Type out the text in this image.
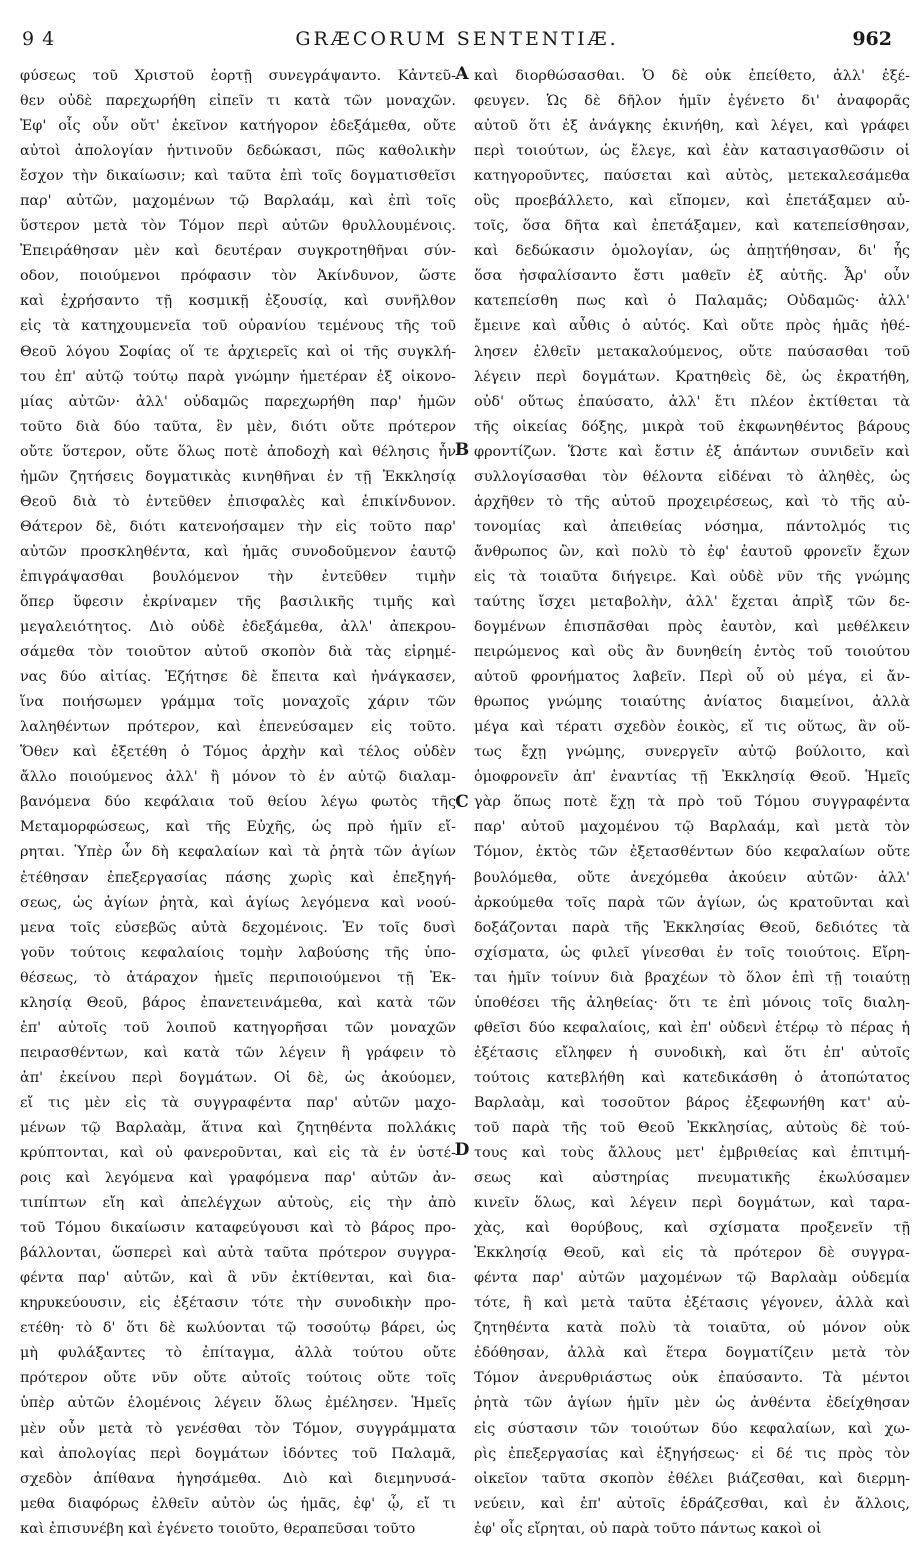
GRÆCORUM SENTENTIÆ.
9 4	962
φύσεως τοῦ Χριστοῦ ἐορτῇ συνεγράψαντο. Κἀντεῦ-
θεν οὐδὲ παρεχωρήθη εἰπεῖν τι κατὰ τῶν μοναχῶν.
Ἐφ' οἷς οὖν οὔτ' ἐκεῖνον κατήγορον ἐδεξάμεθα, οὔτε
αὐτοὶ ἀπολογίαν ἡντινοῦν δεδώκασι, πῶς καθολικὴν
ἔσχον τὴν δικαίωσιν; καὶ ταῦτα ἐπὶ τοῖς δογματισθεῖσι
παρ' αὐτῶν, μαχομένων τῷ Βαρλαάμ, καὶ ἐπὶ τοῖς
ὕστερον μετὰ τὸν Τόμον περὶ αὐτῶν θρυλλουμένοις.
Ἐπειράθησαν μὲν καὶ δευτέραν συγκροτηθῆναι σύν-
οδον, ποιούμενοι πρόφασιν τὸν Ἀκίνδυνον, ὥστε
καὶ ἐχρήσαντο τῇ κοσμικῇ ἐξουσίᾳ, καὶ συνῆλθον
εἰς τὰ κατηχουμενεῖα τοῦ οὐρανίου τεμένους τῆς τοῦ
Θεοῦ λόγου Σοφίας οἵ τε ἀρχιερεῖς καὶ οἱ τῆς συγκλή-
του ἐπ' αὐτῷ τούτῳ παρὰ γνώμην ἡμετέραν ἐξ οἰκονο-
μίας αὐτῶν· ἀλλ' οὐδαμῶς παρεχωρήθη παρ' ἡμῶν
τοῦτο διὰ δύο ταῦτα, ἓν μὲν, διότι οὔτε πρότερον
οὔτε ὕστερον, οὔτε ὅλως ποτὲ ἀποδοχὴ καὶ θέλησις ἦν
ἡμῶν ζητήσεις δογματικὰς κινηθῆναι ἐν τῇ Ἐκκλησίᾳ
Θεοῦ διὰ τὸ ἐντεῦθεν ἐπισφαλὲς καὶ ἐπικίνδυνον.
Θάτερον δὲ, διότι κατενοήσαμεν τὴν εἰς τοῦτο παρ'
αὐτῶν προσκληθέντα, καὶ ἡμᾶς συνοδοῦμενον ἑαυτῷ
ἐπιγράψασθαι βουλόμενον τὴν ἐντεῦθεν τιμὴν
ὅπερ ὕφεσιν ἐκρίναμεν τῆς βασιλικῆς τιμῆς καὶ
μεγαλειότητος. Διὸ οὐδὲ ἐδεξάμεθα, ἀλλ' ἀπεκρου-
σάμεθα τὸν τοιοῦτον αὐτοῦ σκοπὸν διὰ τὰς εἰρημέ-
νας δύο αἰτίας. Ἐζήτησε δὲ ἔπειτα καὶ ἠνάγκασεν,
ἵνα ποιήσωμεν γράμμα τοῖς μοναχοῖς χάριν τῶν
λαληθέντων πρότερον, καὶ ἐπενεύσαμεν εἰς τοῦτο.
Ὅθεν καὶ ἐξετέθη ὁ Τόμος ἀρχὴν καὶ τέλος οὐδὲν
ἄλλο ποιούμενος ἀλλ' ἢ μόνον τὸ ἐν αὐτῷ διαλαμ-
βανόμενα δύο κεφάλαια τοῦ θείου λέγω φωτὸς τῆς
Μεταμορφώσεως, καὶ τῆς Εὐχῆς, ὡς πρὸ ἡμῖν εἴ-
ρηται. Ὑπὲρ ὧν δὴ κεφαλαίων καὶ τὰ ῥητὰ τῶν ἁγίων
ἐτέθησαν ἐπεξεργασίας πάσης χωρὶς καὶ ἐπεξηγή-
σεως, ὡς ἁγίων ῥητὰ, καὶ ἁγίως λεγόμενα καὶ νοού-
μενα τοῖς εὐσεβῶς αὐτὰ δεχομένοις. Ἐν τοῖς δυσὶ
γοῦν τούτοις κεφαλαίοις τομὴν λαβούσης τῆς ὑπο-
θέσεως, τὸ ἀτάραχον ἡμεῖς περιποιούμενοι τῇ Ἐκ-
κλησίᾳ Θεοῦ, βάρος ἐπανετεινάμεθα, καὶ κατὰ τῶν
ἐπ' αὐτοῖς τοῦ λοιποῦ κατηγορῆσαι τῶν μοναχῶν
πειρασθέντων, καὶ κατὰ τῶν λέγειν ἢ γράφειν τὸ
ἀπ' ἐκείνου περὶ δογμάτων. Οἱ δὲ, ὡς ἀκούομεν,
εἴ τις μὲν εἰς τὰ συγγραφέντα παρ' αὐτῶν μαχο-
μένων τῷ Βαρλαὰμ, ἅτινα καὶ ζητηθέντα πολλάκις
κρύπτονται, καὶ οὐ φανεροῦνται, καὶ εἰς τὰ ἐν ὑστέ-
ροις καὶ λεγόμενα καὶ γραφόμενα παρ' αὐτῶν ἀν-
τιπίπτων εἴη καὶ ἀπελέγχων αὐτοὺς, εἰς τὴν ἀπὸ
τοῦ Τόμου δικαίωσιν καταφεύγουσι καὶ τὸ βάρος προ-
βάλλονται, ὥσπερεὶ καὶ αὐτὰ ταῦτα πρότερον συγγρα-
φέντα παρ' αὐτῶν, καὶ ἃ νῦν ἐκτίθενται, καὶ δια-
κηρυκεύουσιν, εἰς ἐξέτασιν τότε τὴν συνοδικὴν προ-
ετέθη· τὸ δ' ὅτι δὲ κωλύονται τῷ τοσούτῳ βάρει, ὡς
μὴ φυλάξαντες τὸ ἐπίταγμα, ἀλλὰ τούτου οὔτε
πρότερον οὔτε νῦν οὔτε αὐτοῖς τούτοις οὔτε τοῖς
ὑπὲρ αὐτῶν ἑλομένοις λέγειν ὅλως ἐμέλησεν. Ἡμεῖς
μὲν οὖν μετὰ τὸ γενέσθαι τὸν Τόμον, συγγράμματα
καὶ ἀπολογίας περὶ δογμάτων ἰδόντες τοῦ Παλαμᾶ,
σχεδὸν ἀπίθανα ἡγησάμεθα. Διὸ καὶ διεμηνυσά-
μεθα διαφόρως ἐλθεῖν αὐτὸν ὡς ἡμᾶς, ἐφ' ᾧ, εἴ τι
καὶ ἐπισυνέβη καὶ ἐγένετο τοιοῦτο, θεραπεῦσαι τοῦτο
καὶ διορθώσασθαι. Ὁ δὲ οὐκ ἐπείθετο, ἀλλ' ἐξέ-
φευγεν. Ὡς δὲ δῆλον ἡμῖν ἐγένετο δι' ἀναφορᾶς
αὐτοῦ ὅτι ἐξ ἀνάγκης ἐκινήθη, καὶ λέγει, καὶ γράφει
περὶ τοιούτων, ὡς ἔλεγε, καὶ ἐὰν κατασιγασθῶσιν οἱ
κατηγοροῦντες, παύσεται καὶ αὐτὸς, μετεκαλεσάμεθα
οὓς προεβάλλετο, καὶ εἴπομεν, καὶ ἐπετάξαμεν αὐ-
τοῖς, ὅσα δῆτα καὶ ἐπετάξαμεν, καὶ κατεπείσθησαν,
καὶ δεδώκασιν ὁμολογίαν, ὡς ἀπῃτήθησαν, δι' ἧς
ὅσα ἠσφαλίσαντο ἔστι μαθεῖν ἐξ αὐτῆς. Ἆρ' οὖν
κατεπείσθη πως καὶ ὁ Παλαμᾶς; Οὐδαμῶς· ἀλλ'
ἔμεινε καὶ αὖθις ὁ αὐτός. Καὶ οὔτε πρὸς ἡμᾶς ἠθέ-
λησεν ἐλθεῖν μετακαλούμενος, οὔτε παύσασθαι τοῦ
λέγειν περὶ δογμάτων. Κρατηθεὶς δὲ, ὡς ἐκρατήθη,
οὐδ' οὕτως ἐπαύσατο, ἀλλ' ἔτι πλέον ἐκτίθεται τὰ
τῆς οἰκείας δόξης, μικρὰ τοῦ ἐκφωνηθέντος βάρους
φροντίζων. Ὥστε καὶ ἔστιν ἐξ ἁπάντων συνιδεῖν καὶ
συλλογίσασθαι τὸν θέλοντα εἰδέναι τὸ ἀληθὲς, ὡς
ἀρχῆθεν τὸ τῆς αὐτοῦ προχειρέσεως, καὶ τὸ τῆς αὐ-
τονομίας καὶ ἀπειθείας νόσημα, πάντολμός τις
ἄνθρωπος ὢν, καὶ πολὺ τὸ ἐφ' ἑαυτοῦ φρονεῖν ἔχων
εἰς τὰ τοιαῦτα διήγειρε. Καὶ οὐδὲ νῦν τῆς γνώμης
ταύτης ἴσχει μεταβολὴν, ἀλλ' ἔχεται ἀπρὶξ τῶν δε-
δογμένων ἐπισπᾶσθαι πρὸς ἑαυτὸν, καὶ μεθέλκειν
πειρώμενος καὶ οὓς ἂν δυνηθείη ἐντὸς τοῦ τοιούτου
αὐτοῦ φρονήματος λαβεῖν. Περὶ οὗ οὐ μέγα, εἰ ἄν-
θρωπος γνώμης τοιαύτης ἀνίατος διαμείνοι, ἀλλὰ
μέγα καὶ τέρατι σχεδὸν ἐοικὸς, εἴ τις οὕτως, ἂν οὕ-
τως ἔχῃ γνώμης, συνεργεῖν αὐτῷ βούλοιτο, καὶ
ὁμοφρονεῖν ἀπ' ἐναντίας τῇ Ἐκκλησίᾳ Θεοῦ. Ἡμεῖς
γὰρ ὅπως ποτὲ ἔχῃ τὰ πρὸ τοῦ Τόμου συγγραφέντα
παρ' αὐτοῦ μαχομένου τῷ Βαρλαάμ, καὶ μετὰ τὸν
Τόμον, ἐκτὸς τῶν ἐξετασθέντων δύο κεφαλαίων οὔτε
βουλόμεθα, οὔτε ἀνεχόμεθα ἀκούειν αὐτῶν· ἀλλ'
ἀρκούμεθα τοῖς παρὰ τῶν ἁγίων, ὡς κρατοῦνται καὶ
δοξάζονται παρὰ τῆς Ἐκκλησίας Θεοῦ, δεδιότες τὰ
σχίσματα, ὡς φιλεῖ γίνεσθαι ἐν τοῖς τοιούτοις. Εἴρη-
ται ἡμῖν τοίνυν διὰ βραχέων τὸ ὅλον ἐπὶ τῇ τοιαύτῃ
ὑποθέσει τῆς ἀληθείας· ὅτι τε ἐπὶ μόνοις τοῖς διαλη-
φθεῖσι δύο κεφαλαίοις, καὶ ἐπ' οὐδενὶ ἑτέρῳ τὸ πέρας ἡ
ἐξέτασις εἴληφεν ἡ συνοδικὴ, καὶ ὅτι ἐπ' αὐτοῖς
τούτοις κατεβλήθη καὶ κατεδικάσθη ὁ ἀτοπώτατος
Βαρλαὰμ, καὶ τοσοῦτον βάρος ἐξεφωνήθη κατ' αὐ-
τοῦ παρὰ τῆς τοῦ Θεοῦ Ἐκκλησίας, αὐτοὺς δὲ τού-
τους καὶ τοὺς ἄλλους μετ' ἐμβριθείας καὶ ἐπιτιμή-
σεως καὶ αὐστηρίας πνευματικῆς ἐκωλύσαμεν
κινεῖν ὅλως, καὶ λέγειν περὶ δογμάτων, καὶ ταρα-
χὰς, καὶ θορύβους, καὶ σχίσματα προξενεῖν τῇ
Ἐκκλησίᾳ Θεοῦ, καὶ εἰς τὰ πρότερον δὲ συγγρα-
φέντα παρ' αὐτῶν μαχομένων τῷ Βαρλαὰμ οὐδεμία
τότε, ἢ καὶ μετὰ ταῦτα ἐξέτασις γέγονεν, ἀλλὰ καὶ
ζητηθέντα κατὰ πολὺ τὰ τοιαῦτα, οὐ μόνον οὐκ
ἐδόθησαν, ἀλλὰ καὶ ἕτερα δογματίζειν μετὰ τὸν
Τόμον ἀνερυθριάστως οὐκ ἐπαύσαντο. Τὰ μέντοι
ῥητὰ τῶν ἁγίων ἡμῖν μὲν ὡς ἀνθέντα ἐδείχθησαν
εἰς σύστασιν τῶν τοιούτων δύο κεφαλαίων, καὶ χω-
ρὶς ἐπεξεργασίας καὶ ἐξηγήσεως· εἰ δέ τις πρὸς τὸν
οἰκεῖον ταῦτα σκοπὸν ἐθέλει βιάζεσθαι, καὶ διερμη-
νεύειν, καὶ ἐπ' αὐτοῖς ἑδράζεσθαι, καὶ ἐν ἄλλοις,
ἐφ' οἷς εἴρηται, οὐ παρὰ τοῦτο πάντως κακοὶ οἱ
A
B
C
D
